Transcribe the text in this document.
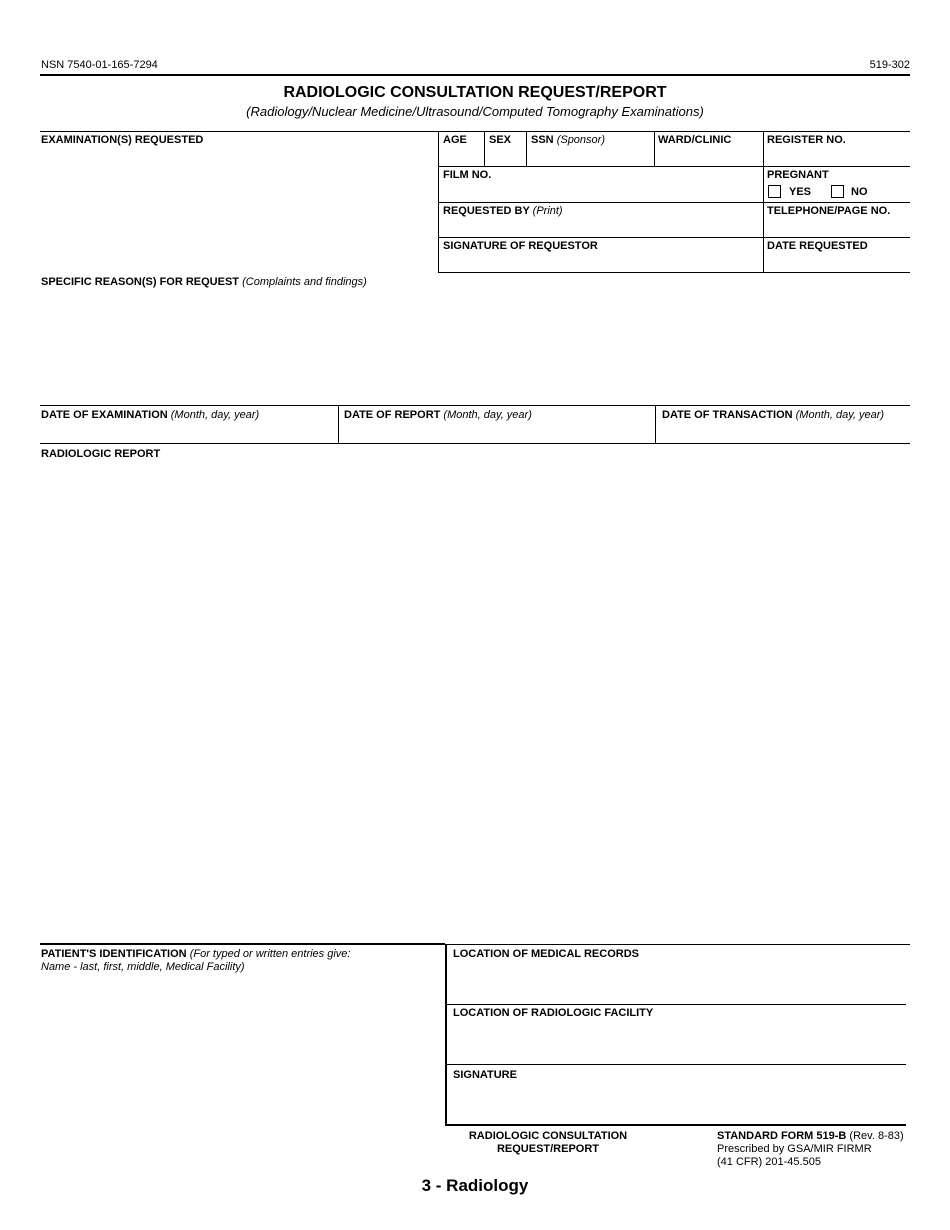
NSN 7540-01-165-7294	519-302
RADIOLOGIC CONSULTATION REQUEST/REPORT
(Radiology/Nuclear Medicine/Ultrasound/Computed Tomography Examinations)
EXAMINATION(S) REQUESTED	AGE SEX SSN (Sponsor)	WARD/CLINIC	REGISTER NO.
FILM NO.	PREGNANT
YES	NO
REQUESTED BY (Print)	TELEPHONE/PAGE NO.
SIGNATURE OF REQUESTOR	DATE REQUESTED
SPECIFIC REASON(S) FOR REQUEST (Complaints and findings)
DATE OF EXAMINATION (Month, day, year)	DATE OF REPORT (Month, day, year)	DATE OF TRANSACTION (Month, day, year)
RADIOLOGIC REPORT
PATIENT'S IDENTIFICATION (For typed or written entries give:
Name - last, first, middle, Medical Facility)
LOCATION OF MEDICAL RECORDS
LOCATION OF RADIOLOGIC FACILITY
SIGNATURE
RADIOLOGIC CONSULTATION
REQUEST/REPORT
STANDARD FORM 519-B (Rev. 8-83)
Prescribed by GSA/MIR FIRMR
(41 CFR) 201-45.505
3 - Radiology
